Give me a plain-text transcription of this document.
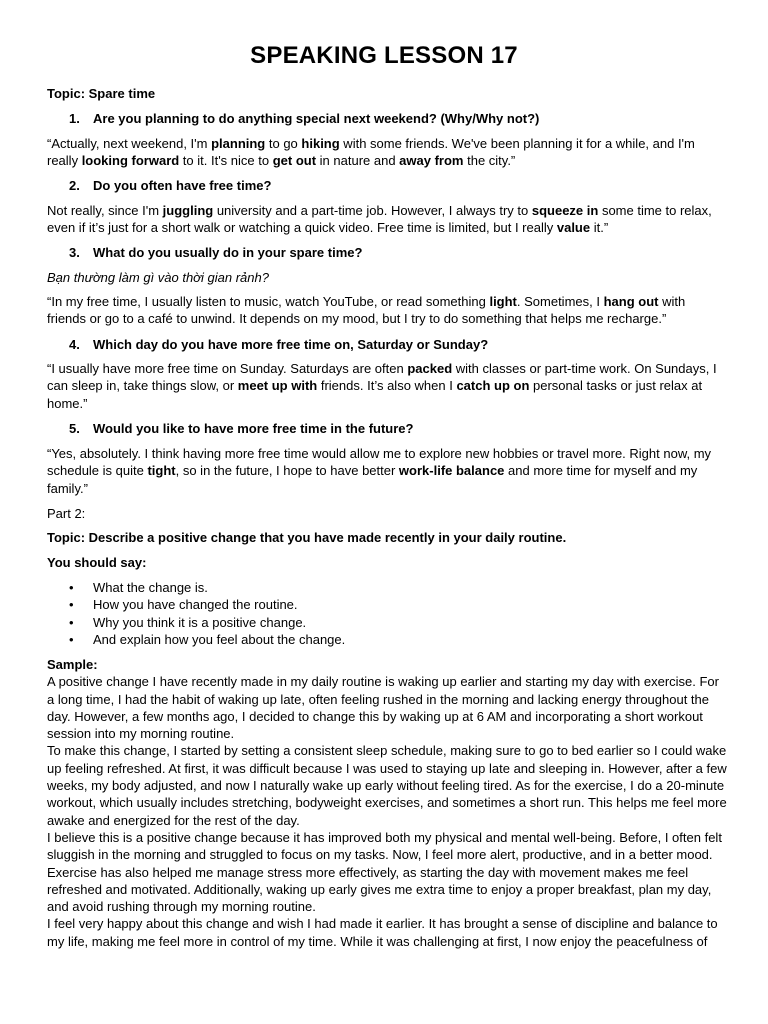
SPEAKING LESSON 17

Topic: Spare time

1. Are you planning to do anything special next weekend? (Why/Why not?)

“Actually, next weekend, I'm planning to go hiking with some friends. We've been planning it for a while, and I'm really looking forward to it. It's nice to get out in nature and away from the city.”

2. Do you often have free time?

Not really, since I'm juggling university and a part-time job. However, I always try to squeeze in some time to relax, even if it’s just for a short walk or watching a quick video. Free time is limited, but I really value it.”

3. What do you usually do in your spare time?

Bạn thường làm gì vào thời gian rảnh?

“In my free time, I usually listen to music, watch YouTube, or read something light. Sometimes, I hang out with friends or go to a café to unwind. It depends on my mood, but I try to do something that helps me recharge.”

4. Which day do you have more free time on, Saturday or Sunday?

“I usually have more free time on Sunday. Saturdays are often packed with classes or part-time work. On Sundays, I can sleep in, take things slow, or meet up with friends. It’s also when I catch up on personal tasks or just relax at home.”

5. Would you like to have more free time in the future?

“Yes, absolutely. I think having more free time would allow me to explore new hobbies or travel more. Right now, my schedule is quite tight, so in the future, I hope to have better work-life balance and more time for myself and my family.”

Part 2:

Topic: Describe a positive change that you have made recently in your daily routine.

You should say:

• What the change is.
• How you have changed the routine.
• Why you think it is a positive change.
• And explain how you feel about the change.
Sample:
A positive change I have recently made in my daily routine is waking up earlier and starting my day with exercise. For a long time, I had the habit of waking up late, often feeling rushed in the morning and lacking energy throughout the day. However, a few months ago, I decided to change this by waking up at 6 AM and incorporating a short workout session into my morning routine.
To make this change, I started by setting a consistent sleep schedule, making sure to go to bed earlier so I could wake up feeling refreshed. At first, it was difficult because I was used to staying up late and sleeping in. However, after a few weeks, my body adjusted, and now I naturally wake up early without feeling tired. As for the exercise, I do a 20-minute workout, which usually includes stretching, bodyweight exercises, and sometimes a short run. This helps me feel more awake and energized for the rest of the day.
I believe this is a positive change because it has improved both my physical and mental well-being. Before, I often felt sluggish in the morning and struggled to focus on my tasks. Now, I feel more alert, productive, and in a better mood. Exercise has also helped me manage stress more effectively, as starting the day with movement makes me feel refreshed and motivated. Additionally, waking up early gives me extra time to enjoy a proper breakfast, plan my day, and avoid rushing through my morning routine.
I feel very happy about this change and wish I had made it earlier. It has brought a sense of discipline and balance to my life, making me feel more in control of my time. While it was challenging at first, I now enjoy the peacefulness of
